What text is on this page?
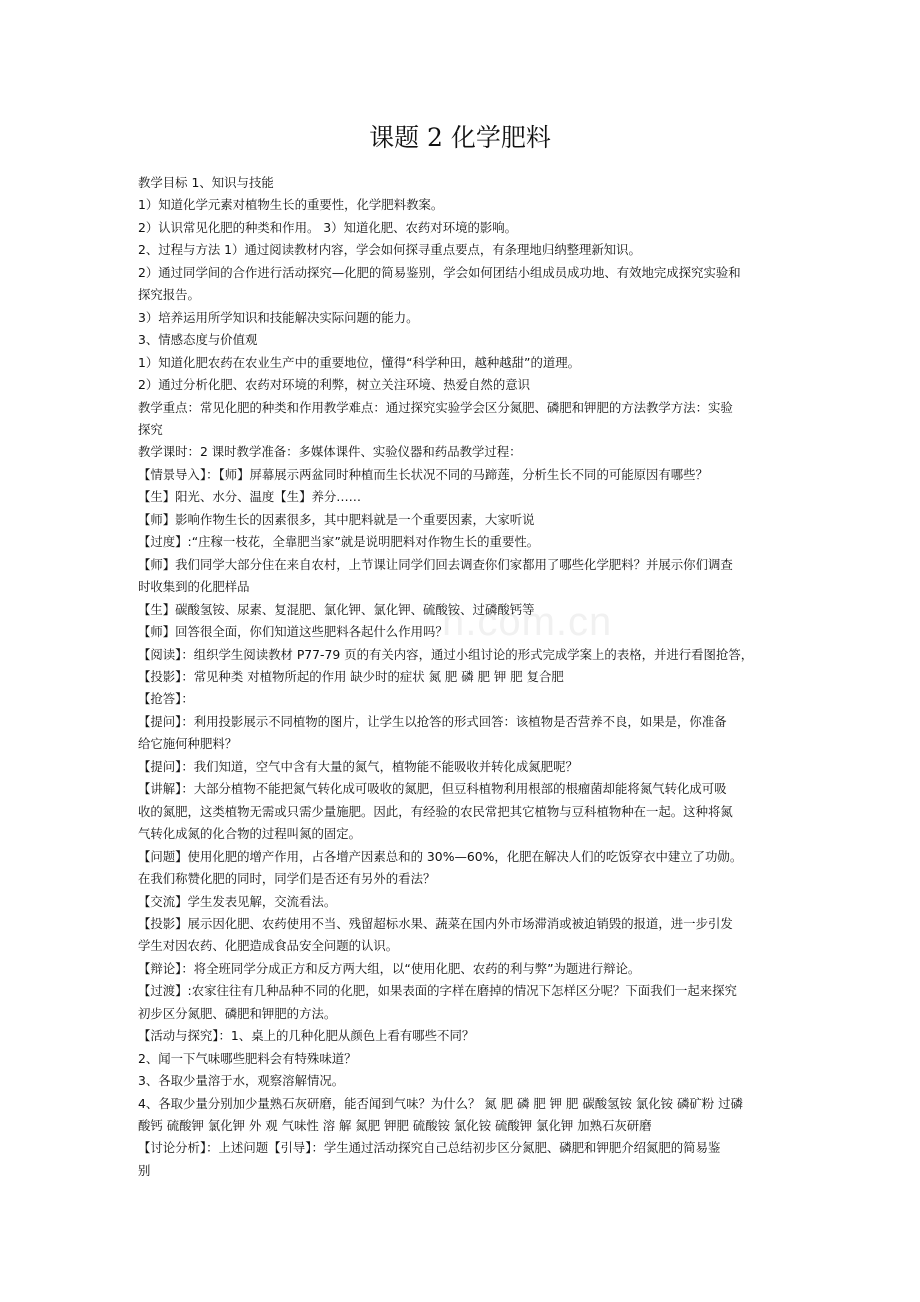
n.com.cn
课题 2 化学肥料

教学目标 1、知识与技能

1）知道化学元素对植物生长的重要性，化学肥料教案。

2）认识常见化肥的种类和作用。 3）知道化肥、农药对环境的影响。

2、过程与方法 1）通过阅读教材内容，学会如何探寻重点要点，有条理地归纳整理新知识。

2）通过同学间的合作进行活动探究—化肥的简易鉴别，学会如何团结小组成员成功地、有效地完成探究实验和

探究报告。

3）培养运用所学知识和技能解决实际问题的能力。

3、情感态度与价值观

1）知道化肥农药在农业生产中的重要地位，懂得“科学种田，越种越甜”的道理。

2）通过分析化肥、农药对环境的利弊，树立关注环境、热爱自然的意识

教学重点：常见化肥的种类和作用教学难点：通过探究实验学会区分氮肥、磷肥和钾肥的方法教学方法：实验

探究

教学课时：2 课时教学准备：多媒体课件、实验仪器和药品教学过程：

【情景导入】：【师】屏幕展示两盆同时种植而生长状况不同的马蹄莲，分析生长不同的可能原因有哪些？

【生】阳光、水分、温度【生】养分……

【师】影响作物生长的因素很多，其中肥料就是一个重要因素，大家听说

【过度】:“庄稼一枝花，全靠肥当家”就是说明肥料对作物生长的重要性。

【师】我们同学大部分住在来自农村，上节课让同学们回去调查你们家都用了哪些化学肥料？并展示你们调查

时收集到的化肥样品

【生】碳酸氢铵、尿素、复混肥、氯化钾、氯化钾、硫酸铵、过磷酸钙等

【师】回答很全面，你们知道这些肥料各起什么作用吗？

【阅读】：组织学生阅读教材 P77-79 页的有关内容，通过小组讨论的形式完成学案上的表格，并进行看图抢答，

【投影】：常见种类 对植物所起的作用 缺少时的症状 氮 肥 磷 肥 钾 肥 复合肥

【抢答】：

【提问】：利用投影展示不同植物的图片，让学生以抢答的形式回答：该植物是否营养不良，如果是，你准备

给它施何种肥料？

【提问】：我们知道，空气中含有大量的氮气，植物能不能吸收并转化成氮肥呢？

【讲解】：大部分植物不能把氮气转化成可吸收的氮肥，但豆科植物利用根部的根瘤菌却能将氮气转化成可吸

收的氮肥，这类植物无需或只需少量施肥。因此，有经验的农民常把其它植物与豆科植物种在一起。这种将氮

气转化成氮的化合物的过程叫氮的固定。

【问题】使用化肥的增产作用，占各增产因素总和的 30%—60%，化肥在解决人们的吃饭穿衣中建立了功勋。

在我们称赞化肥的同时，同学们是否还有另外的看法？

【交流】学生发表见解，交流看法。

【投影】展示因化肥、农药使用不当、残留超标水果、蔬菜在国内外市场滞消或被迫销毁的报道，进一步引发

学生对因农药、化肥造成食品安全问题的认识。

【辩论】：将全班同学分成正方和反方两大组，以“使用化肥、农药的利与弊”为题进行辩论。

【过渡】:农家往往有几种品种不同的化肥，如果表面的字样在磨掉的情况下怎样区分呢？下面我们一起来探究

初步区分氮肥、磷肥和钾肥的方法。

【活动与探究】：1、桌上的几种化肥从颜色上看有哪些不同？

2、闻一下气味哪些肥料会有特殊味道？

3、各取少量溶于水，观察溶解情况。

4、各取少量分别加少量熟石灰研磨，能否闻到气味？为什么？ 氮 肥 磷 肥 钾 肥 碳酸氢铵 氯化铵 磷矿粉 过磷

酸钙 硫酸钾 氯化钾 外 观 气味性 溶 解 氮肥 钾肥 硫酸铵 氯化铵 硫酸钾 氯化钾 加熟石灰研磨

【讨论分析】：上述问题【引导】：学生通过活动探究自己总结初步区分氮肥、磷肥和钾肥介绍氮肥的简易鉴

别
